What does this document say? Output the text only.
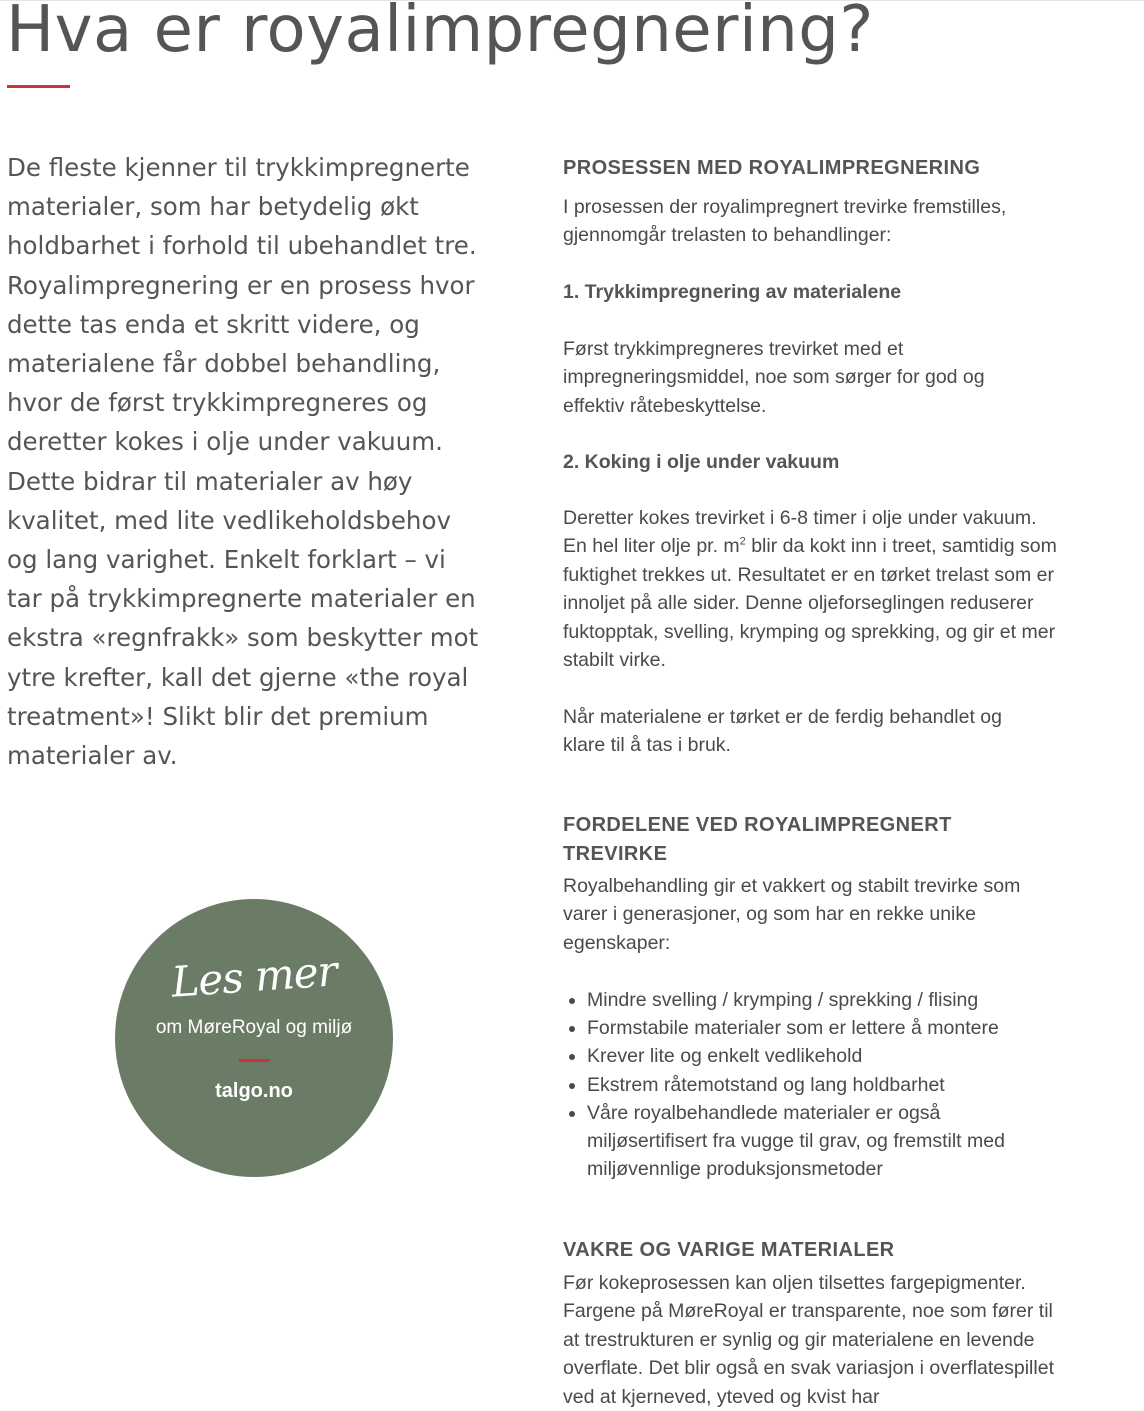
Hva er royalimpregnering?

De fleste kjenner til trykkimpregnerte materialer, som har betydelig økt holdbarhet i forhold til ubehandlet tre. Royalimpregnering er en prosess hvor dette tas enda et skritt videre, og materialene får dobbel behandling, hvor de først trykkimpregneres og deretter kokes i olje under vakuum. Dette bidrar til materialer av høy kvalitet, med lite vedlikeholdsbehov og lang varighet. Enkelt forklart – vi tar på trykkimpregnerte materialer en ekstra «regnfrakk» som beskytter mot ytre krefter, kall det gjerne «the royal treatment»! Slikt blir det premium materialer av.

Les mer
om MøreRoyal og miljø
talgo.no
PROSESSEN MED ROYALIMPREGNERING

I prosessen der royalimpregnert trevirke fremstilles, gjennomgår trelasten to behandlinger:

1. Trykkimpregnering av materialene

Først trykkimpregneres trevirket med et impregneringsmiddel, noe som sørger for god og effektiv råtebeskyttelse.

2. Koking i olje under vakuum

Deretter kokes trevirket i 6-8 timer i olje under vakuum. En hel liter olje pr. $m^2$ blir da kokt inn i treet, samtidig som fuktighet trekkes ut. Resultatet er en tørket trelast som er innoljet på alle sider. Denne oljeforseglingen reduserer fuktopptak, svelling, krymping og sprekking, og gir et mer stabilt virke.

Når materialene er tørket er de ferdig behandlet og klare til å tas i bruk.

FORDELENE VED ROYALIMPREGNERT TREVIRKE

Royalbehandling gir et vakkert og stabilt trevirke som varer i generasjoner, og som har en rekke unike egenskaper:

• Mindre svelling / krymping / sprekking / flising
• Formstabile materialer som er lettere å montere
• Krever lite og enkelt vedlikehold
• Ekstrem råtemotstand og lang holdbarhet
• Våre royalbehandlede materialer er også miljøsertifisert fra vugge til grav, og fremstilt med miljøvennlige produksjonsmetoder
VAKRE OG VARIGE MATERIALER

Før kokeprosessen kan oljen tilsettes fargepigmenter. Fargene på MøreRoyal er transparente, noe som fører til at trestrukturen er synlig og gir materialene en levende overflate. Det blir også en svak variasjon i overflatespillet ved at kjerneved, yteved og kvist har
